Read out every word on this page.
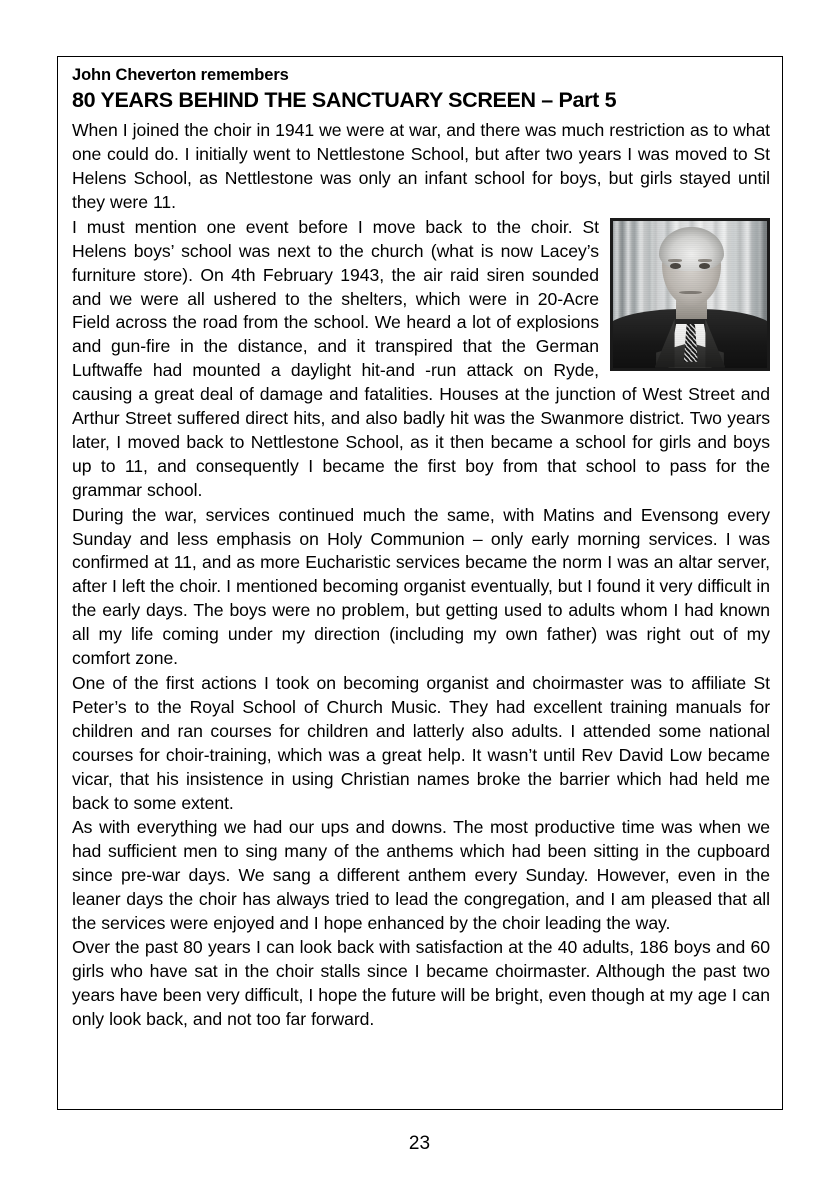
John Cheverton remembers
80 YEARS BEHIND THE SANCTUARY SCREEN – Part 5

When I joined the choir in 1941 we were at war, and there was much restriction as to what one could do. I initially went to Nettlestone School, but after two years I was moved to St Helens School, as Nettlestone was only an infant school for boys, but girls stayed until they were 11.

I must mention one event before I move back to the choir. St Helens boys’ school was next to the church (what is now Lacey’s furniture store). On 4th February 1943, the air raid siren sounded and we were all ushered to the shelters, which were in 20-Acre Field across the road from the school. We heard a lot of explosions and gun-fire in the distance, and it transpired that the German Luftwaffe had mounted a daylight hit-and -run attack on Ryde, causing a great deal of damage and fatalities. Houses at the junction of West Street and Arthur Street suffered direct hits, and also badly hit was the Swanmore district. Two years later, I moved back to Nettlestone School, as it then became a school for girls and boys up to 11, and consequently I became the first boy from that school to pass for the grammar school.

During the war, services continued much the same, with Matins and Evensong every Sunday and less emphasis on Holy Communion – only early morning services. I was confirmed at 11, and as more Eucharistic services became the norm I was an altar server, after I left the choir. I mentioned becoming organist eventually, but I found it very difficult in the early days. The boys were no problem, but getting used to adults whom I had known all my life coming under my direction (including my own father) was right out of my comfort zone.

One of the first actions I took on becoming organist and choirmaster was to affiliate St Peter’s to the Royal School of Church Music. They had excellent training manuals for children and ran courses for children and latterly also adults. I attended some national courses for choir-training, which was a great help. It wasn’t until Rev David Low became vicar, that his insistence in using Christian names broke the barrier which had held me back to some extent.

As with everything we had our ups and downs. The most productive time was when we had sufficient men to sing many of the anthems which had been sitting in the cupboard since pre-war days. We sang a different anthem every Sunday. However, even in the leaner days the choir has always tried to lead the congregation, and I am pleased that all the services were enjoyed and I hope enhanced by the choir leading the way.

Over the past 80 years I can look back with satisfaction at the 40 adults, 186 boys and 60 girls who have sat in the choir stalls since I became choirmaster. Although the past two years have been very difficult, I hope the future will be bright, even though at my age I can only look back, and not too far forward.

23
